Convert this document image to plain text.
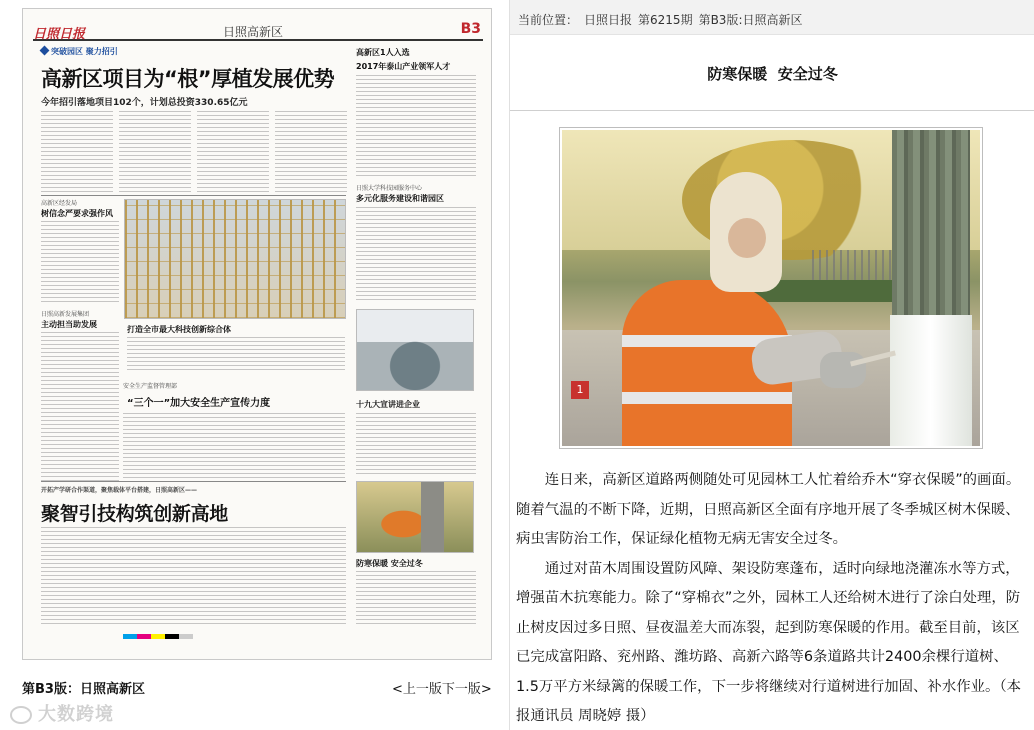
日照日报	日照高新区	B3
突破园区 聚力招引
高新区项目为“根”厚植发展优势
今年招引落地项目102个，计划总投资330.65亿元
高新区1人入选
2017年泰山产业领军人才
高新区经发局
树信念严要求强作风
打造全市最大科技创新综合体
日照高新发展集团
主动担当助发展
日照大学科技园服务中心
多元化服务建设和谐园区
十九大宣讲进企业
安全生产监督管理部
“三个一”加大安全生产宣传力度
开拓产学研合作渠道，聚焦载体平台搭建，日照高新区——
聚智引技构筑创新高地
防寒保暖 安全过冬
第B3版：日照高新区	<上一版下一版>
大数跨境
当前位置： 日照日报 第6215期 第B3版:日照高新区
防寒保暖  安全过冬
1

连日来，高新区道路两侧随处可见园林工人忙着给乔木“穿衣保暖”的画面。随着气温的不断下降，近期，日照高新区全面有序地开展了冬季城区树木保暖、病虫害防治工作，保证绿化植物无病无害安全过冬。

通过对苗木周围设置防风障、架设防寒蓬布，适时向绿地浇灌冻水等方式，增强苗木抗寒能力。除了“穿棉衣”之外，园林工人还给树木进行了涂白处理，防止树皮因过多日照、昼夜温差大而冻裂，起到防寒保暖的作用。截至目前，该区已完成富阳路、兖州路、潍坊路、高新六路等6条道路共计2400余棵行道树、1.5万平方米绿篱的保暖工作，下一步将继续对行道树进行加固、补水作业。（本报通讯员 周晓婷 摄）
